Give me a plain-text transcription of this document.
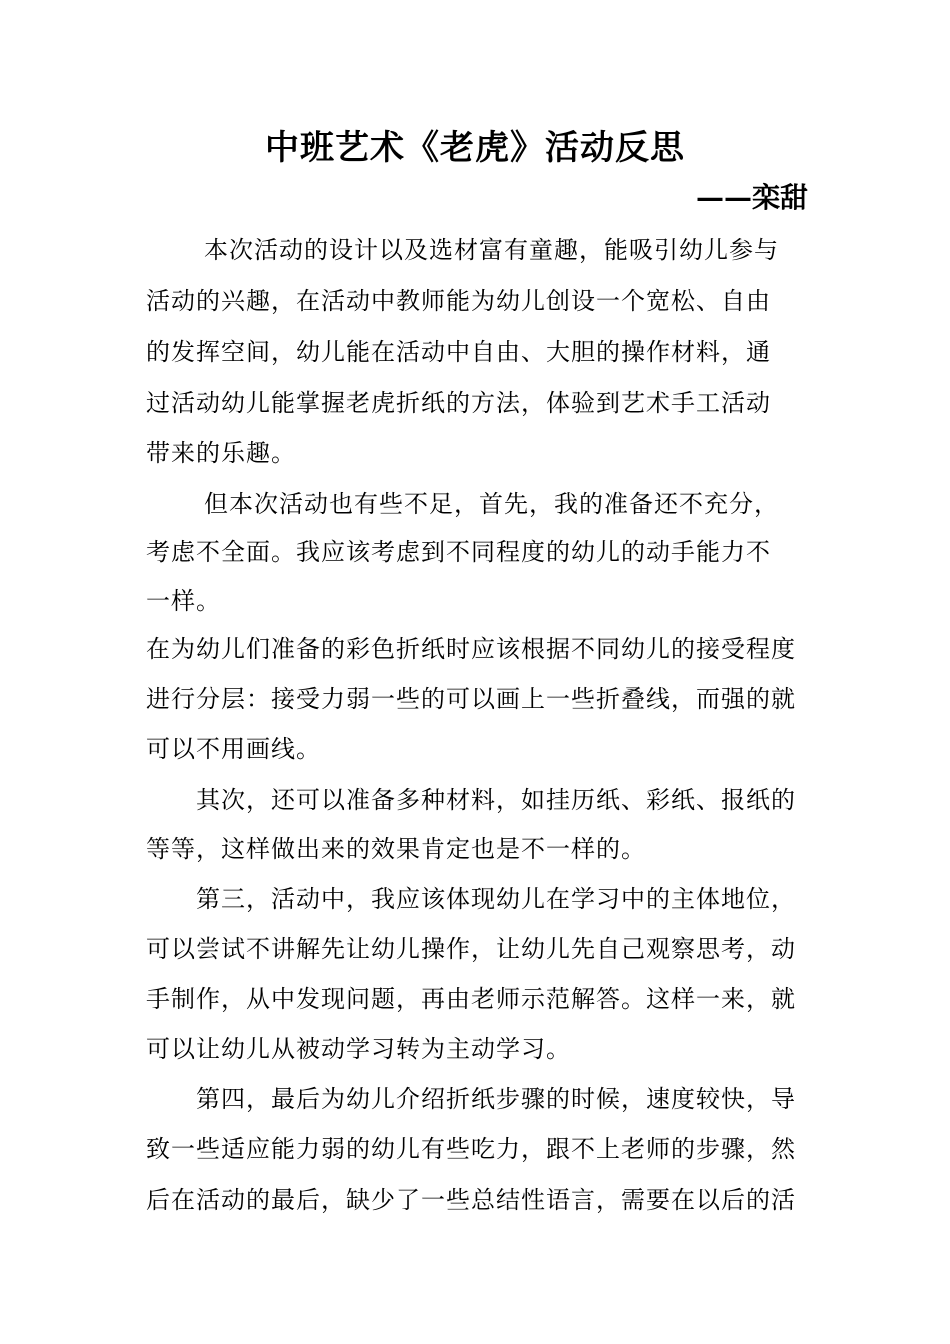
中班艺术《老虎》活动反思
——栾甜
本次活动的设计以及选材富有童趣，能吸引幼儿参与
活动的兴趣，在活动中教师能为幼儿创设一个宽松、自由
的发挥空间，幼儿能在活动中自由、大胆的操作材料，通
过活动幼儿能掌握老虎折纸的方法，体验到艺术手工活动
带来的乐趣。
但本次活动也有些不足，首先，我的准备还不充分，
考虑不全面。我应该考虑到不同程度的幼儿的动手能力不
一样。
在为幼儿们准备的彩色折纸时应该根据不同幼儿的接受程度
进行分层：接受力弱一些的可以画上一些折叠线，而强的就
可以不用画线。
其次，还可以准备多种材料，如挂历纸、彩纸、报纸的
等等，这样做出来的效果肯定也是不一样的。
第三，活动中，我应该体现幼儿在学习中的主体地位，
可以尝试不讲解先让幼儿操作，让幼儿先自己观察思考，动
手制作，从中发现问题，再由老师示范解答。这样一来，就
可以让幼儿从被动学习转为主动学习。
第四，最后为幼儿介绍折纸步骤的时候，速度较快，导
致一些适应能力弱的幼儿有些吃力，跟不上老师的步骤，然
后在活动的最后，缺少了一些总结性语言，需要在以后的活
